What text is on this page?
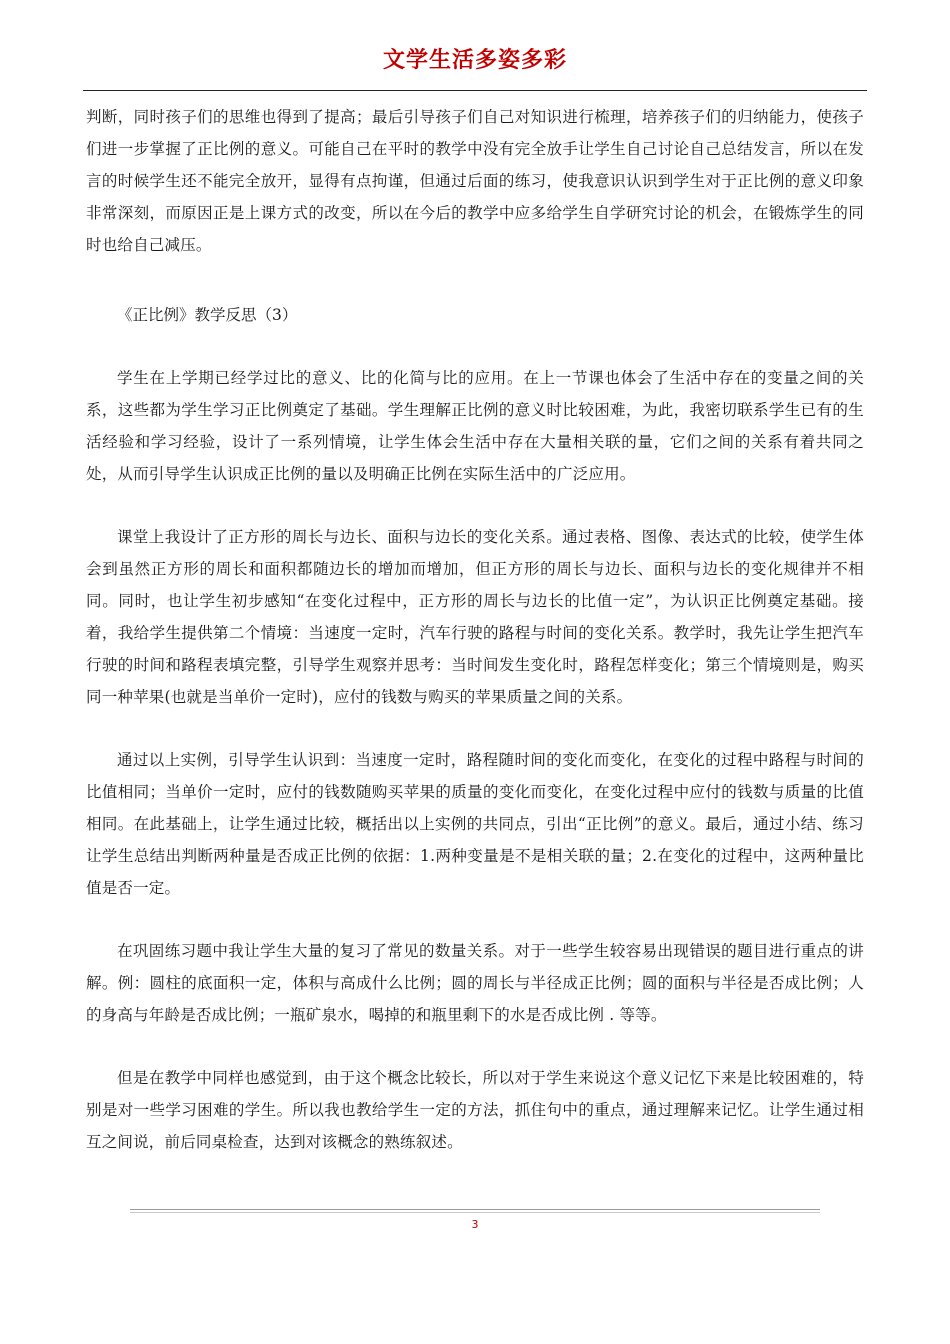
文学生活多姿多彩

判断，同时孩子们的思维也得到了提高；最后引导孩子们自己对知识进行梳理，培养孩子们的归纳能力，使孩子们进一步掌握了正比例的意义。可能自己在平时的教学中没有完全放手让学生自己讨论自己总结发言，所以在发言的时候学生还不能完全放开，显得有点拘谨，但通过后面的练习，使我意识认识到学生对于正比例的意义印象非常深刻，而原因正是上课方式的改变，所以在今后的教学中应多给学生自学研究讨论的机会，在锻炼学生的同时也给自己减压。

《正比例》教学反思（3）

学生在上学期已经学过比的意义、比的化简与比的应用。在上一节课也体会了生活中存在的变量之间的关系，这些都为学生学习正比例奠定了基础。学生理解正比例的意义时比较困难，为此，我密切联系学生已有的生活经验和学习经验，设计了一系列情境，让学生体会生活中存在大量相关联的量，它们之间的关系有着共同之处，从而引导学生认识成正比例的量以及明确正比例在实际生活中的广泛应用。

课堂上我设计了正方形的周长与边长、面积与边长的变化关系。通过表格、图像、表达式的比较，使学生体会到虽然正方形的周长和面积都随边长的增加而增加，但正方形的周长与边长、面积与边长的变化规律并不相同。同时，也让学生初步感知“在变化过程中，正方形的周长与边长的比值一定”，为认识正比例奠定基础。接着，我给学生提供第二个情境：当速度一定时，汽车行驶的路程与时间的变化关系。教学时，我先让学生把汽车行驶的时间和路程表填完整，引导学生观察并思考：当时间发生变化时，路程怎样变化；第三个情境则是，购买同一种苹果(也就是当单价一定时)，应付的钱数与购买的苹果质量之间的关系。

通过以上实例，引导学生认识到：当速度一定时，路程随时间的变化而变化，在变化的过程中路程与时间的比值相同；当单价一定时，应付的钱数随购买苹果的质量的变化而变化，在变化过程中应付的钱数与质量的比值相同。在此基础上，让学生通过比较，概括出以上实例的共同点，引出“正比例”的意义。最后，通过小结、练习让学生总结出判断两种量是否成正比例的依据：1.两种变量是不是相关联的量；2.在变化的过程中，这两种量比值是否一定。

在巩固练习题中我让学生大量的复习了常见的数量关系。对于一些学生较容易出现错误的题目进行重点的讲解。例：圆柱的底面积一定，体积与高成什么比例；圆的周长与半径成正比例；圆的面积与半径是否成比例；人的身高与年龄是否成比例；一瓶矿泉水，喝掉的和瓶里剩下的水是否成比例 . 等等。

但是在教学中同样也感觉到，由于这个概念比较长，所以对于学生来说这个意义记忆下来是比较困难的，特别是对一些学习困难的学生。所以我也教给学生一定的方法，抓住句中的重点，通过理解来记忆。让学生通过相互之间说，前后同桌检查，达到对该概念的熟练叙述。

3
